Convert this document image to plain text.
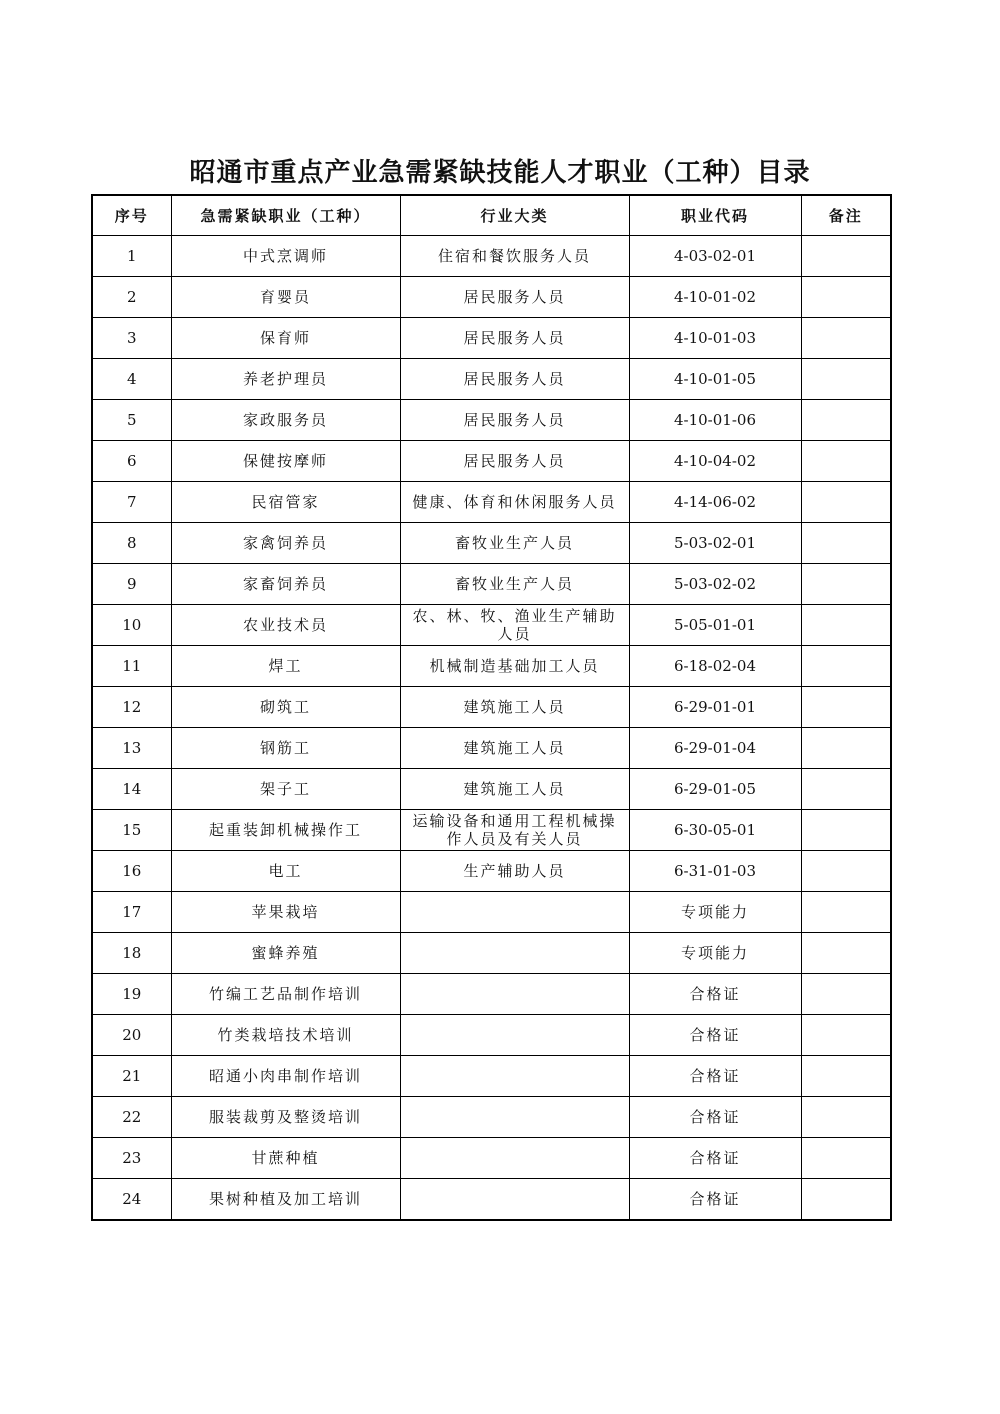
昭通市重点产业急需紧缺技能人才职业（工种）目录
序号	急需紧缺职业（工种）	行业大类	职业代码	备注
1	中式烹调师	住宿和餐饮服务人员	4-03-02-01	
2	育婴员	居民服务人员	4-10-01-02	
3	保育师	居民服务人员	4-10-01-03	
4	养老护理员	居民服务人员	4-10-01-05	
5	家政服务员	居民服务人员	4-10-01-06	
6	保健按摩师	居民服务人员	4-10-04-02	
7	民宿管家	健康、体育和休闲服务人员	4-14-06-02	
8	家禽饲养员	畜牧业生产人员	5-03-02-01	
9	家畜饲养员	畜牧业生产人员	5-03-02-02	
10	农业技术员	农、林、牧、渔业生产辅助人员	5-05-01-01	
11	焊工	机械制造基础加工人员	6-18-02-04	
12	砌筑工	建筑施工人员	6-29-01-01	
13	钢筋工	建筑施工人员	6-29-01-04	
14	架子工	建筑施工人员	6-29-01-05	
15	起重装卸机械操作工	运输设备和通用工程机械操作人员及有关人员	6-30-05-01	
16	电工	生产辅助人员	6-31-01-03	
17	苹果栽培		专项能力	
18	蜜蜂养殖		专项能力	
19	竹编工艺品制作培训		合格证	
20	竹类栽培技术培训		合格证	
21	昭通小肉串制作培训		合格证	
22	服装裁剪及整烫培训		合格证	
23	甘蔗种植		合格证	
24	果树种植及加工培训		合格证	
